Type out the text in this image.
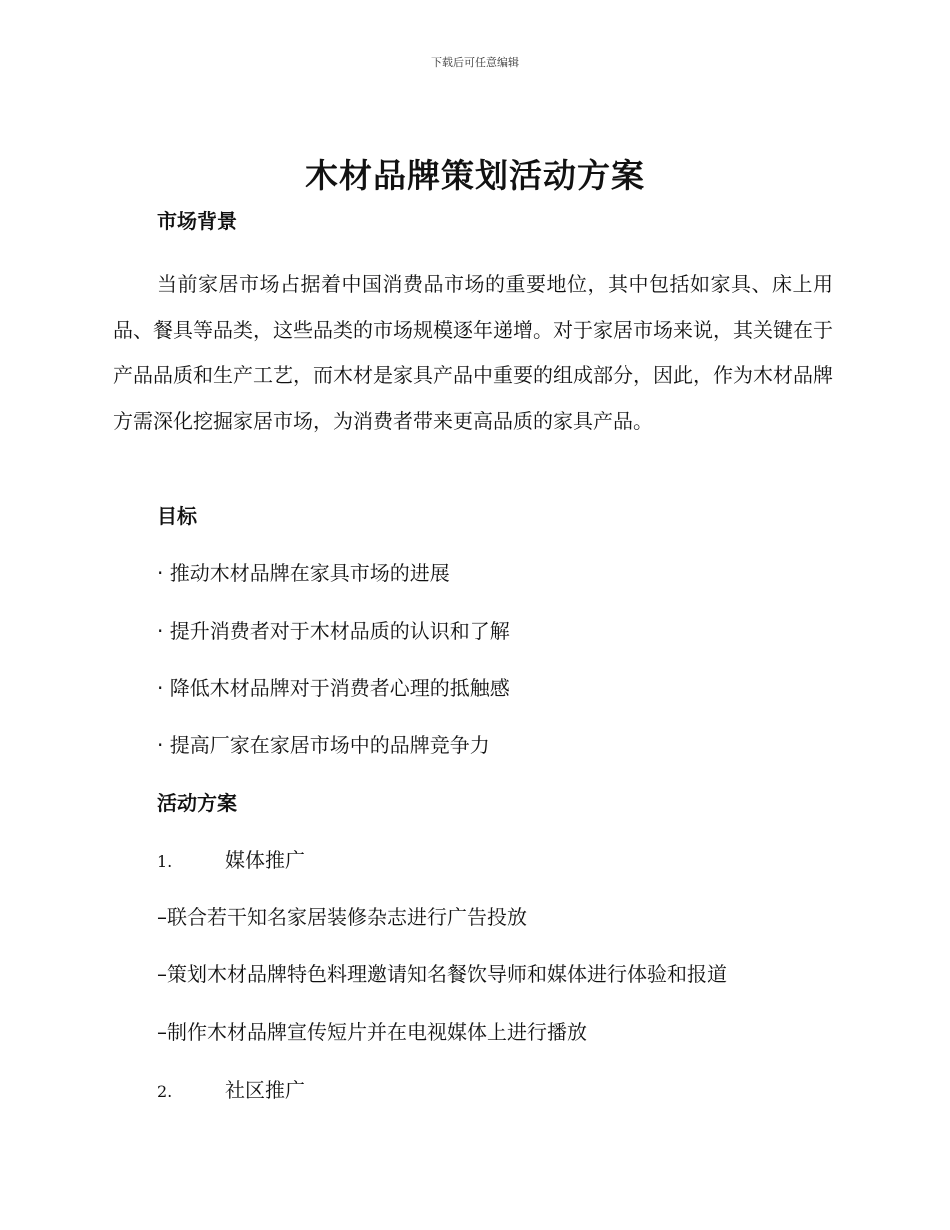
下载后可任意编辑
木材品牌策划活动方案
市场背景
当前家居市场占据着中国消费品市场的重要地位，其中包括如家具、床上用品、餐具等品类，这些品类的市场规模逐年递增。对于家居市场来说，其关键在于产品品质和生产工艺，而木材是家具产品中重要的组成部分，因此，作为木材品牌方需深化挖掘家居市场，为消费者带来更高品质的家具产品。
目标
· 推动木材品牌在家具市场的进展
· 提升消费者对于木材品质的认识和了解
· 降低木材品牌对于消费者心理的抵触感
· 提高厂家在家居市场中的品牌竞争力
活动方案
1.	媒体推广
–联合若干知名家居装修杂志进行广告投放
–策划木材品牌特色料理邀请知名餐饮导师和媒体进行体验和报道
–制作木材品牌宣传短片并在电视媒体上进行播放
2.	社区推广
